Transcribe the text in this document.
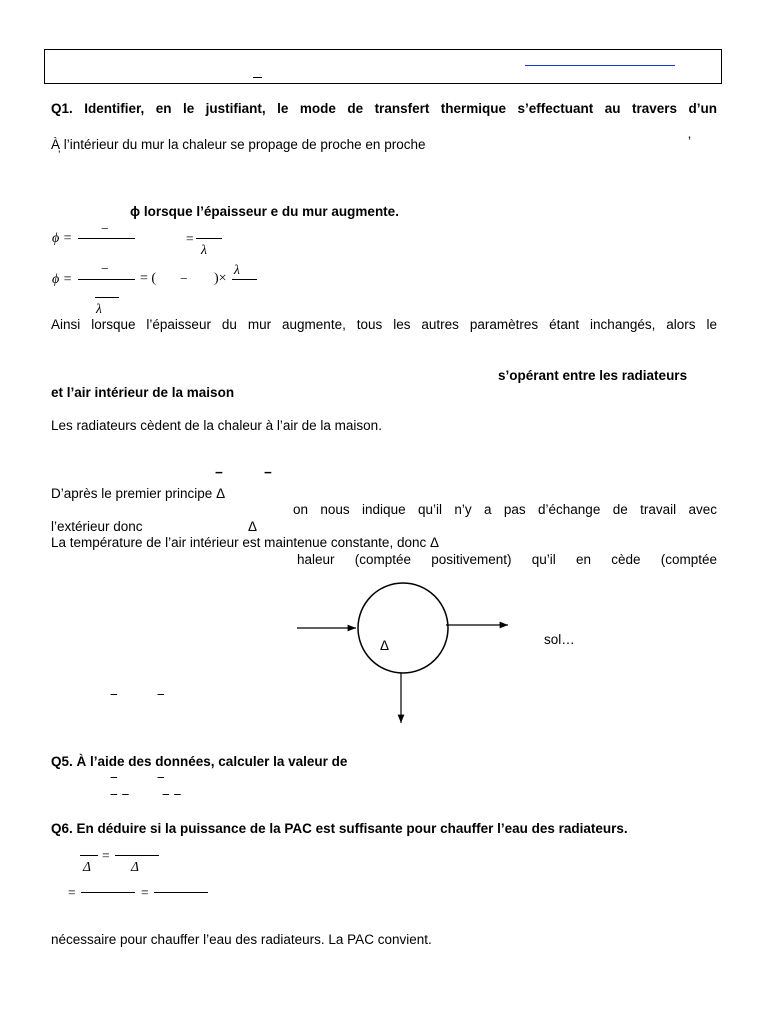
Q1. Identifier, en le justifiant, le mode de transfert thermique s’effectuant au travers d’un
À l’intérieur du mur la chaleur se propage de proche en proche	’
’
ϕ lorsque l’épaisseur e du mur augmente.
ϕ =
−
=
λ
ϕ =
−
= ( − )×
λ
λ
Ainsi lorsque l’épaisseur du mur augmente, tous les autres paramètres étant inchangés, alors le
s’opérant entre les radiateurs
et l’air intérieur de la maison
Les radiateurs cèdent de la chaleur à l’air de la maison.
−	−
D’après le premier principe Δ
on nous indique qu’il n’y a pas d’échange de travail avec
l’extérieur donc	Δ
La température de l’air intérieur est maintenue constante, donc Δ
haleur (comptée positivement) qu’il en cède (comptée
Δ	sol…
−	−
Q5. À l’aide des données, calculer la valeur de
−	−
− − − −
Q6. En déduire si la puissance de la PAC est suffisante pour chauffer l’eau des radiateurs.
Δ
=
Δ
=	=
nécessaire pour chauffer l’eau des radiateurs. La PAC convient.
